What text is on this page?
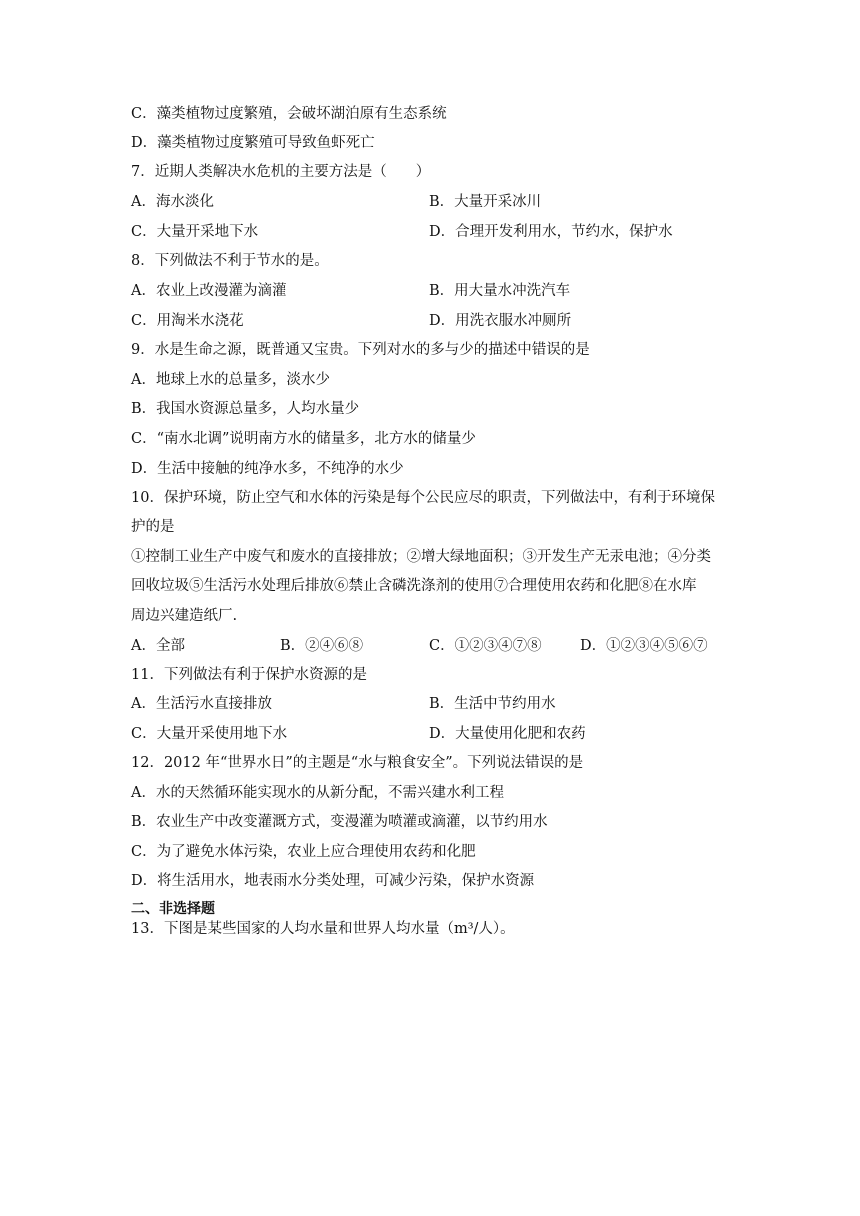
C．藻类植物过度繁殖，会破坏湖泊原有生态系统
D．藻类植物过度繁殖可导致鱼虾死亡
7．近期人类解决水危机的主要方法是（　　）
A．海水淡化	B．大量开采冰川
C．大量开采地下水	D．合理开发利用水，节约水，保护水
8．下列做法不利于节水的是。
A．农业上改漫灌为滴灌	B．用大量水冲洗汽车
C．用淘米水浇花	D．用洗衣服水冲厕所
9．水是生命之源，既普通又宝贵。下列对水的多与少的描述中错误的是
A．地球上水的总量多，淡水少
B．我国水资源总量多，人均水量少
C．“南水北调”说明南方水的储量多，北方水的储量少
D．生活中接触的纯净水多，不纯净的水少
10．保护环境，防止空气和水体的污染是每个公民应尽的职责，下列做法中，有利于环境保
护的是
①控制工业生产中废气和废水的直接排放；②增大绿地面积；③开发生产无汞电池；④分类
回收垃圾⑤生活污水处理后排放⑥禁止含磷洗涤剂的使用⑦合理使用农药和化肥⑧在水库
周边兴建造纸厂.
A．全部	B．②④⑥⑧	C．①②③④⑦⑧	D．①②③④⑤⑥⑦
11．下列做法有利于保护水资源的是
A．生活污水直接排放	B．生活中节约用水
C．大量开采使用地下水	D．大量使用化肥和农药
12．2012 年“世界水日”的主题是“水与粮食安全”。下列说法错误的是
A．水的天然循环能实现水的从新分配，不需兴建水利工程
B．农业生产中改变灌溉方式，变漫灌为喷灌或滴灌，以节约用水
C．为了避免水体污染，农业上应合理使用农药和化肥
D．将生活用水，地表雨水分类处理，可减少污染，保护水资源
二、非选择题
13．下图是某些国家的人均水量和世界人均水量（m³/人）。
